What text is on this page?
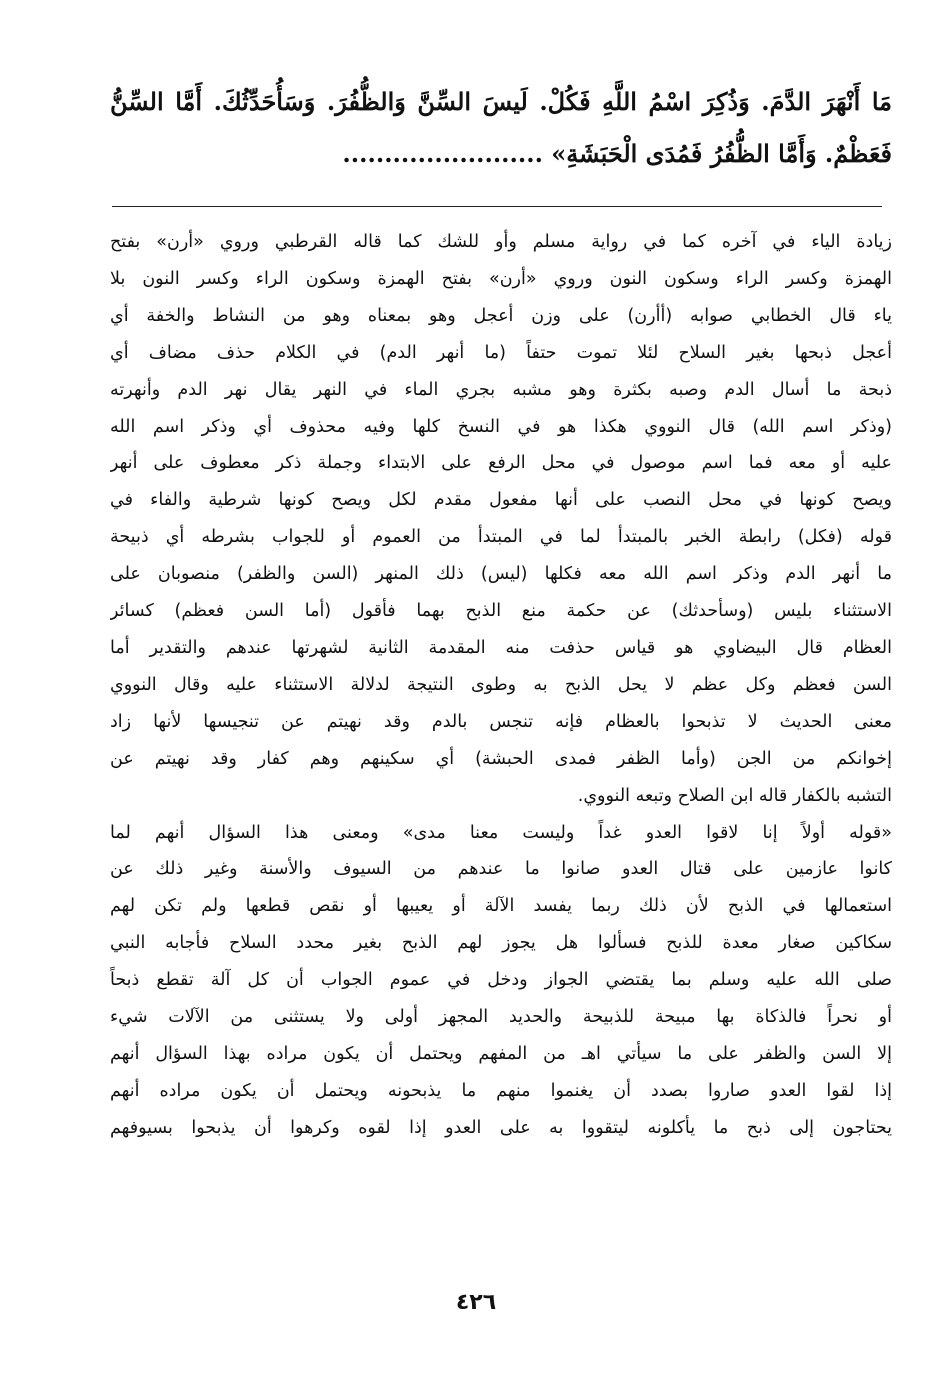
مَا أَنْهَرَ الدَّمَ. وَذُكِرَ اسْمُ اللَّهِ فَكُلْ. لَيسَ السِّنَّ وَالظُّفُرَ. وَسَأُحَدِّثُكَ. أَمَّا السِّنُّ
فَعَظْمٌ. وَأَمَّا الظُّفُرُ فَمُدَى الْحَبَشَةِ» ........................
زيادة الياء في آخره كما في رواية مسلم وأو للشك كما قاله القرطبي وروي «أرن» بفتح
الهمزة وكسر الراء وسكون النون وروي «أرن» بفتح الهمزة وسكون الراء وكسر النون بلا
ياء قال الخطابي صوابه (أأرن) على وزن أعجل وهو بمعناه وهو من النشاط والخفة أي
أعجل ذبحها بغير السلاح لئلا تموت حتفاً (ما أنهر الدم) في الكلام حذف مضاف أي
ذبحة ما أسال الدم وصبه بكثرة وهو مشبه بجري الماء في النهر يقال نهر الدم وأنهرته
(وذكر اسم الله) قال النووي هكذا هو في النسخ كلها وفيه محذوف أي وذكر اسم الله
عليه أو معه فما اسم موصول في محل الرفع على الابتداء وجملة ذكر معطوف على أنهر
ويصح كونها في محل النصب على أنها مفعول مقدم لكل ويصح كونها شرطية والفاء في
قوله (فكل) رابطة الخبر بالمبتدأ لما في المبتدأ من العموم أو للجواب بشرطه أي ذبيحة
ما أنهر الدم وذكر اسم الله معه فكلها (ليس) ذلك المنهر (السن والظفر) منصوبان على
الاستثناء بليس (وسأحدثك) عن حكمة منع الذبح بهما فأقول (أما السن فعظم) كسائر
العظام قال البيضاوي هو قياس حذفت منه المقدمة الثانية لشهرتها عندهم والتقدير أما
السن فعظم وكل عظم لا يحل الذبح به وطوى النتيجة لدلالة الاستثناء عليه وقال النووي
معنى الحديث لا تذبحوا بالعظام فإنه تنجس بالدم وقد نهيتم عن تنجيسها لأنها زاد
إخوانكم من الجن (وأما الظفر فمدى الحبشة) أي سكينهم وهم كفار وقد نهيتم عن
التشبه بالكفار قاله ابن الصلاح وتبعه النووي.
«قوله أولاً إنا لاقوا العدو غداً وليست معنا مدى» ومعنى هذا السؤال أنهم لما
كانوا عازمين على قتال العدو صانوا ما عندهم من السيوف والأسنة وغير ذلك عن
استعمالها في الذبح لأن ذلك ربما يفسد الآلة أو يعيبها أو نقص قطعها ولم تكن لهم
سكاكين صغار معدة للذبح فسألوا هل يجوز لهم الذبح بغير محدد السلاح فأجابه النبي
صلى الله عليه وسلم بما يقتضي الجواز ودخل في عموم الجواب أن كل آلة تقطع ذبحاً
أو نحراً فالذكاة بها مبيحة للذبيحة والحديد المجهز أولى ولا يستثنى من الآلات شيء
إلا السن والظفر على ما سيأتي اهـ من المفهم ويحتمل أن يكون مراده بهذا السؤال أنهم
إذا لقوا العدو صاروا بصدد أن يغنموا منهم ما يذبحونه ويحتمل أن يكون مراده أنهم
يحتاجون إلى ذبح ما يأكلونه ليتقووا به على العدو إذا لقوه وكرهوا أن يذبحوا بسيوفهم
٤٢٦
